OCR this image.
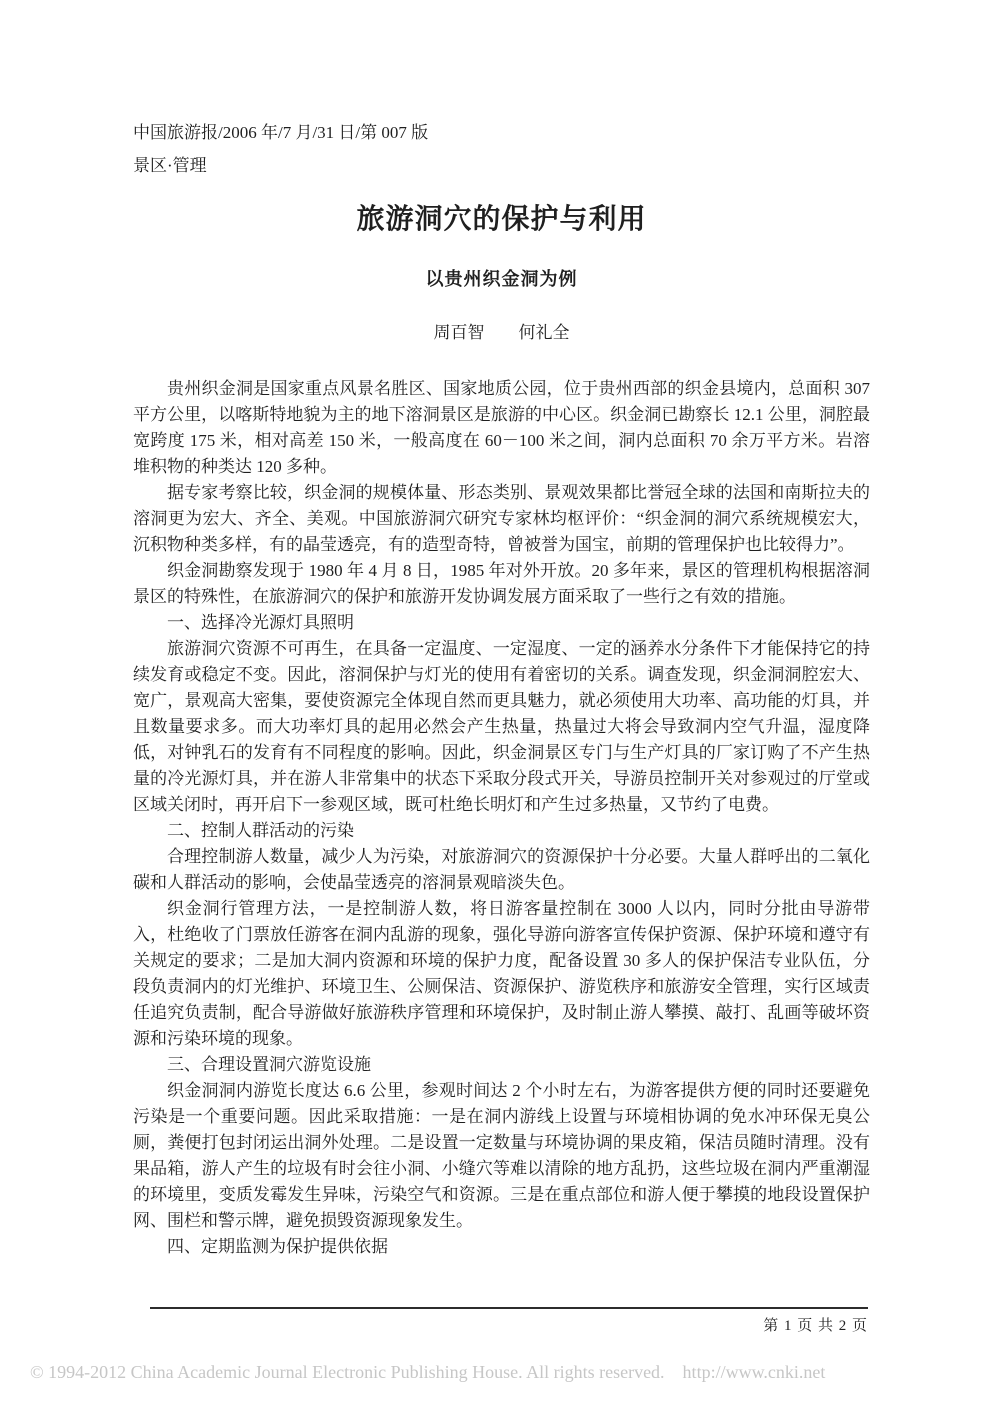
中国旅游报/2006 年/7 月/31 日/第 007 版
景区·管理
旅游洞穴的保护与利用
以贵州织金洞为例
周百智　　何礼全

贵州织金洞是国家重点风景名胜区、国家地质公园，位于贵州西部的织金县境内，总面积 307 平方公里，以喀斯特地貌为主的地下溶洞景区是旅游的中心区。织金洞已勘察长 12.1 公里，洞腔最宽跨度 175 米，相对高差 150 米，一般高度在 60－100 米之间，洞内总面积 70 余万平方米。岩溶堆积物的种类达 120 多种。

据专家考察比较，织金洞的规模体量、形态类别、景观效果都比誉冠全球的法国和南斯拉夫的溶洞更为宏大、齐全、美观。中国旅游洞穴研究专家林均枢评价：“织金洞的洞穴系统规模宏大，沉积物种类多样，有的晶莹透亮，有的造型奇特，曾被誉为国宝，前期的管理保护也比较得力”。

织金洞勘察发现于 1980 年 4 月 8 日，1985 年对外开放。20 多年来，景区的管理机构根据溶洞景区的特殊性，在旅游洞穴的保护和旅游开发协调发展方面采取了一些行之有效的措施。

一、选择冷光源灯具照明

旅游洞穴资源不可再生，在具备一定温度、一定湿度、一定的涵养水分条件下才能保持它的持续发育或稳定不变。因此，溶洞保护与灯光的使用有着密切的关系。调查发现，织金洞洞腔宏大、宽广，景观高大密集，要使资源完全体现自然而更具魅力，就必须使用大功率、高功能的灯具，并且数量要求多。而大功率灯具的起用必然会产生热量，热量过大将会导致洞内空气升温，湿度降低，对钟乳石的发育有不同程度的影响。因此，织金洞景区专门与生产灯具的厂家订购了不产生热量的冷光源灯具，并在游人非常集中的状态下采取分段式开关，导游员控制开关对参观过的厅堂或区域关闭时，再开启下一参观区域，既可杜绝长明灯和产生过多热量，又节约了电费。

二、控制人群活动的污染

合理控制游人数量，减少人为污染，对旅游洞穴的资源保护十分必要。大量人群呼出的二氧化碳和人群活动的影响，会使晶莹透亮的溶洞景观暗淡失色。

织金洞行管理方法，一是控制游人数，将日游客量控制在 3000 人以内，同时分批由导游带入，杜绝收了门票放任游客在洞内乱游的现象，强化导游向游客宣传保护资源、保护环境和遵守有关规定的要求；二是加大洞内资源和环境的保护力度，配备设置 30 多人的保护保洁专业队伍，分段负责洞内的灯光维护、环境卫生、公厕保洁、资源保护、游览秩序和旅游安全管理，实行区域责任追究负责制，配合导游做好旅游秩序管理和环境保护，及时制止游人攀摸、敲打、乱画等破坏资源和污染环境的现象。

三、合理设置洞穴游览设施

织金洞洞内游览长度达 6.6 公里，参观时间达 2 个小时左右，为游客提供方便的同时还要避免污染是一个重要问题。因此采取措施：一是在洞内游线上设置与环境相协调的免水冲环保无臭公厕，粪便打包封闭运出洞外处理。二是设置一定数量与环境协调的果皮箱，保洁员随时清理。没有果品箱，游人产生的垃圾有时会往小洞、小缝穴等难以清除的地方乱扔，这些垃圾在洞内严重潮湿的环境里，变质发霉发生异味，污染空气和资源。三是在重点部位和游人便于攀摸的地段设置保护网、围栏和警示牌，避免损毁资源现象发生。

四、定期监测为保护提供依据

第 1 页 共 2 页
© 1994-2012 China Academic Journal Electronic Publishing House. All rights reserved.    http://www.cnki.net
